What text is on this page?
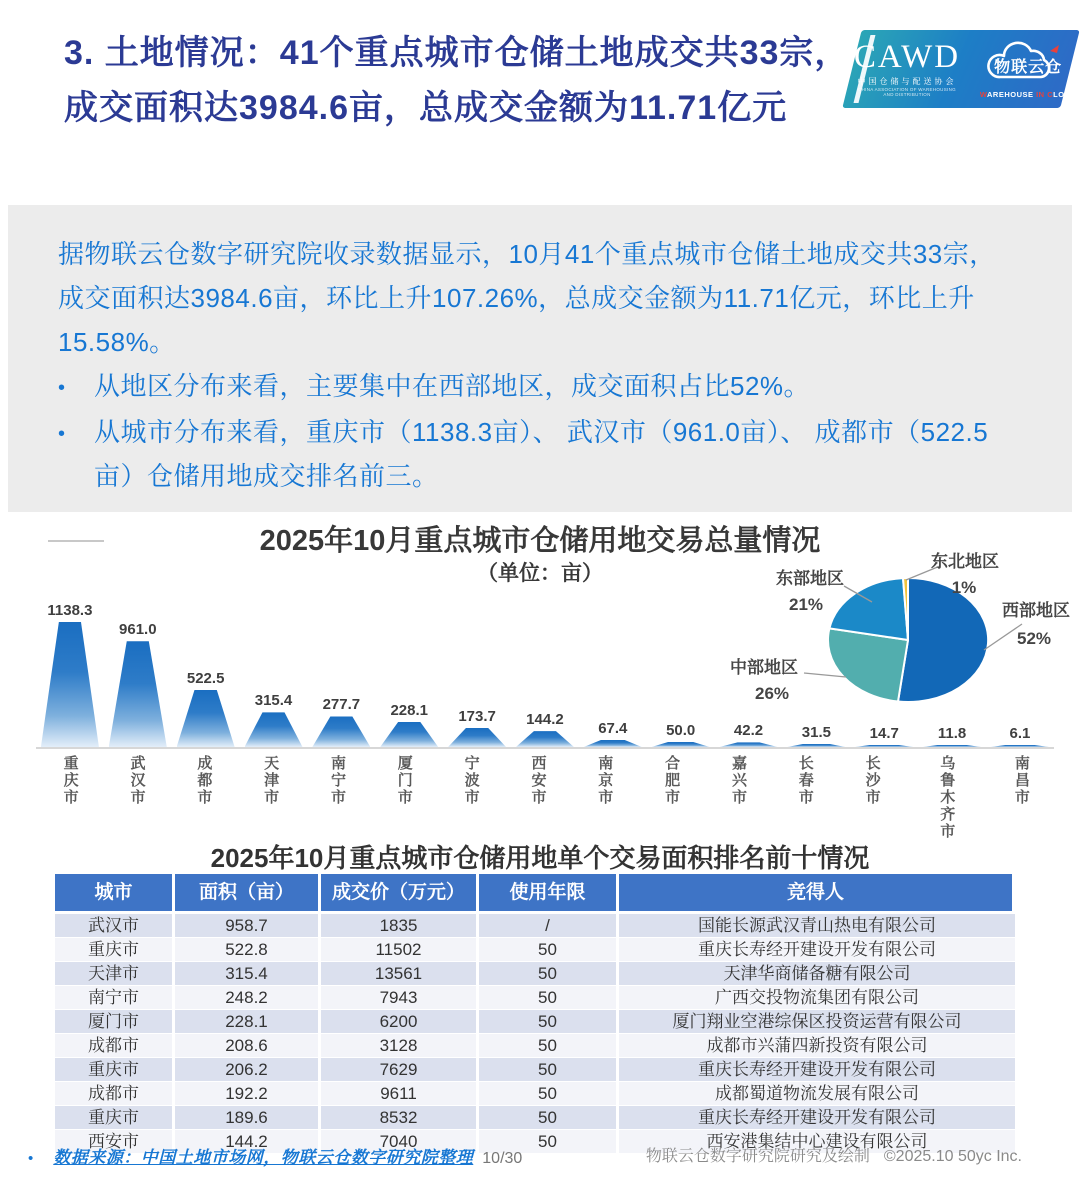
3. 土地情况：41个重点城市仓储土地成交共33宗，成交面积达3984.6亩，总成交金额为11.71亿元
CAWD
中国仓储与配送协会
CHINA ASSOCIATION OF WAREHOUSING AND DISTRIBUTION
物联云仓
WAREHOUSE IN CLOUD
据物联云仓数字研究院收录数据显示，10月41个重点城市仓储土地成交共33宗，成交面积达3984.6亩，环比上升107.26%，总成交金额为11.71亿元，环比上升15.58%。
•	从地区分布来看，主要集中在西部地区，成交面积占比52%。
•	从城市分布来看，重庆市（1138.3亩）、 武汉市（961.0亩）、 成都市（522.5亩）仓储用地成交排名前三。
2025年10月重点城市仓储用地交易总量情况
（单位：亩）
1138.3
961.0
522.5
315.4 277.7 228.1 173.7 144.2 67.4	50.0	42.2	31.5	14.7	11.8	6.1
重庆市	武汉市	成都市	天津市	南宁市	厦门市	宁波市	西安市	南京市	合肥市	嘉兴市	长春市	长沙市	乌鲁木齐市	南昌市
西部地区
52%
中部地区
26%
东部地区
21%
东北地区
1%
2025年10月重点城市仓储用地单个交易面积排名前十情况
城市	面积（亩）	成交价（万元）	使用年限	竞得人
武汉市	958.7	1835	/	国能长源武汉青山热电有限公司
重庆市	522.8	11502	50	重庆长寿经开建设开发有限公司
天津市	315.4	13561	50	天津华商储备糖有限公司
南宁市	248.2	7943	50	广西交投物流集团有限公司
厦门市	228.1	6200	50	厦门翔业空港综保区投资运营有限公司
成都市	208.6	3128	50	成都市兴蒲四新投资有限公司
重庆市	206.2	7629	50	重庆长寿经开建设开发有限公司
成都市	192.2	9611	50	成都蜀道物流发展有限公司
重庆市	189.6	8532	50	重庆长寿经开建设开发有限公司
西安市	144.2	7040	50	西安港集结中心建设有限公司
• 数据来源：中国土地市场网，物联云仓数字研究院整理 10/30	物联云仓数字研究院研究及绘制 ©2025.10 50yc Inc.
